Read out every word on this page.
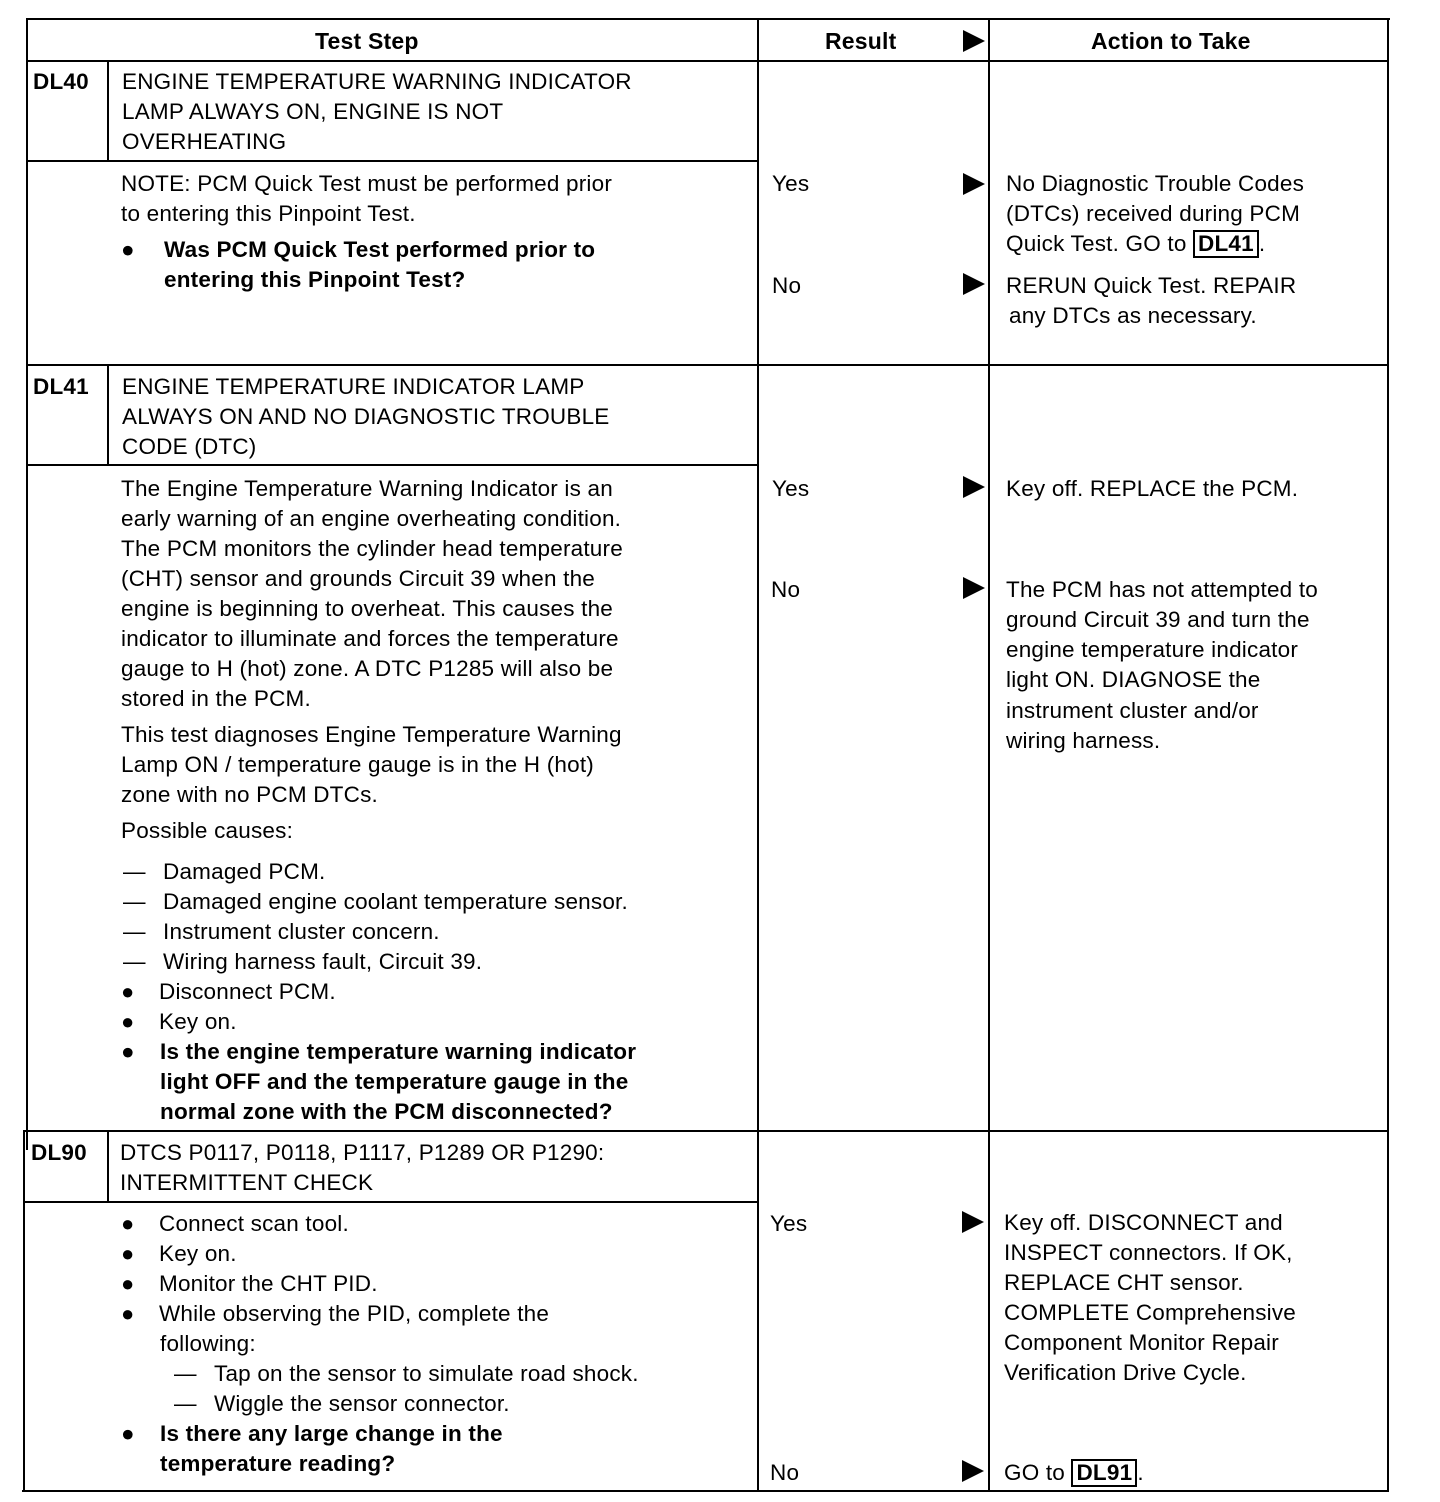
Test Step	Result	Action to Take
DL40 ENGINE TEMPERATURE WARNING INDICATOR
LAMP ALWAYS ON, ENGINE IS NOT
OVERHEATING
NOTE: PCM Quick Test must be performed prior
to entering this Pinpoint Test.
● Was PCM Quick Test performed prior to
entering this Pinpoint Test?
Yes	No Diagnostic Trouble Codes
(DTCs) received during PCM
Quick Test. GO to DL41 .
No	RERUN Quick Test. REPAIR
any DTCs as necessary.
DL41 ENGINE TEMPERATURE INDICATOR LAMP
ALWAYS ON AND NO DIAGNOSTIC TROUBLE
CODE (DTC)
The Engine Temperature Warning Indicator is an
early warning of an engine overheating condition.
The PCM monitors the cylinder head temperature
(CHT) sensor and grounds Circuit 39 when the
engine is beginning to overheat. This causes the
indicator to illuminate and forces the temperature
gauge to H (hot) zone. A DTC P1285 will also be
stored in the PCM.
This test diagnoses Engine Temperature Warning
Lamp ON / temperature gauge is in the H (hot)
zone with no PCM DTCs.
Possible causes:
— Damaged PCM.
— Damaged engine coolant temperature sensor.
— Instrument cluster concern.
— Wiring harness fault, Circuit 39.
● Disconnect PCM.
● Key on.
● Is the engine temperature warning indicator
light OFF and the temperature gauge in the
normal zone with the PCM disconnected?
Yes	Key off. REPLACE the PCM.
No	The PCM has not attempted to
ground Circuit 39 and turn the
engine temperature indicator
light ON. DIAGNOSE the
instrument cluster and/or
wiring harness.
DL90 DTCS P0117, P0118, P1117, P1289 OR P1290:
INTERMITTENT CHECK
● Connect scan tool.
● Key on.
● Monitor the CHT PID.
● While observing the PID, complete the
following:
— Tap on the sensor to simulate road shock.
— Wiggle the sensor connector.
● Is there any large change in the
temperature reading?
Yes	Key off. DISCONNECT and
INSPECT connectors. If OK,
REPLACE CHT sensor.
COMPLETE Comprehensive
Component Monitor Repair
Verification Drive Cycle.
No	GO to DL91 .
